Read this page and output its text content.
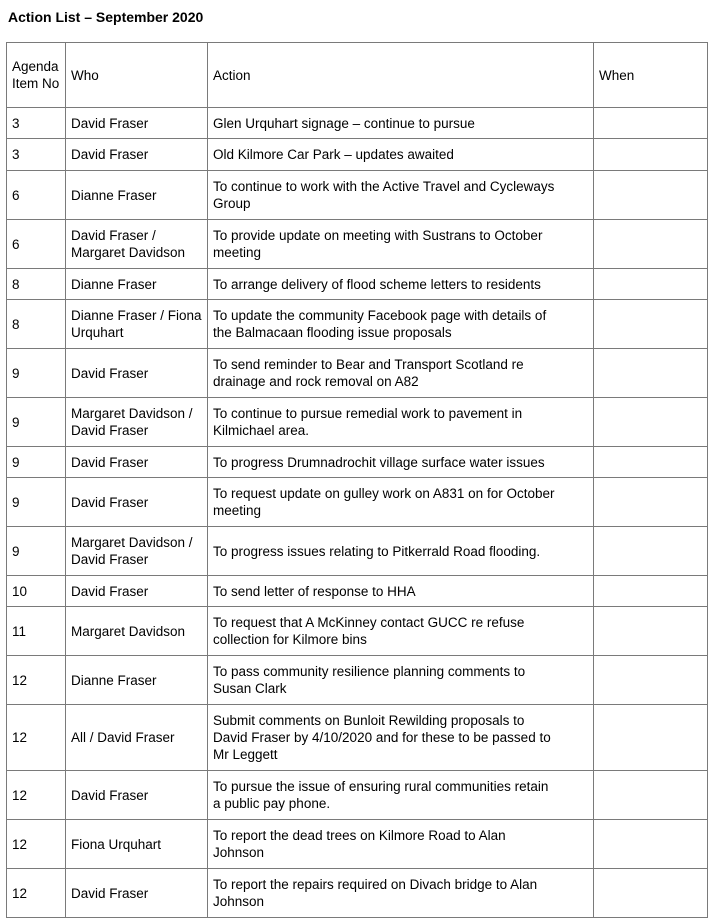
Action List – September 2020
Agenda Item No	Who	Action	When
3	David Fraser	Glen Urquhart signage – continue to pursue	
3	David Fraser	Old Kilmore Car Park – updates awaited	
6	Dianne Fraser	To continue to work with the Active Travel and Cycleways
Group	
6	David Fraser / Margaret Davidson	To provide update on meeting with Sustrans to October
meeting	
8	Dianne Fraser	To arrange delivery of flood scheme letters to residents	
8	Dianne Fraser / Fiona Urquhart	To update the community Facebook page with details of
the Balmacaan flooding issue proposals	
9	David Fraser	To send reminder to Bear and Transport Scotland re
drainage and rock removal on A82	
9	Margaret Davidson / David Fraser	To continue to pursue remedial work to pavement in
Kilmichael area.	
9	David Fraser	To progress Drumnadrochit village surface water issues	
9	David Fraser	To request update on gulley work on A831 on for October
meeting	
9	Margaret Davidson / David Fraser	To progress issues relating to Pitkerrald Road flooding.	
10	David Fraser	To send letter of response to HHA	
11	Margaret Davidson	To request that A McKinney contact GUCC re refuse
collection for Kilmore bins	
12	Dianne Fraser	To pass community resilience planning comments to
Susan Clark	
12	All / David Fraser	Submit comments on Bunloit Rewilding proposals to
David Fraser by 4/10/2020 and for these to be passed to
Mr Leggett	
12	David Fraser	To pursue the issue of ensuring rural communities retain
a public pay phone.	
12	Fiona Urquhart	To report the dead trees on Kilmore Road to Alan
Johnson	
12	David Fraser	To report the repairs required on Divach bridge to Alan
Johnson	
